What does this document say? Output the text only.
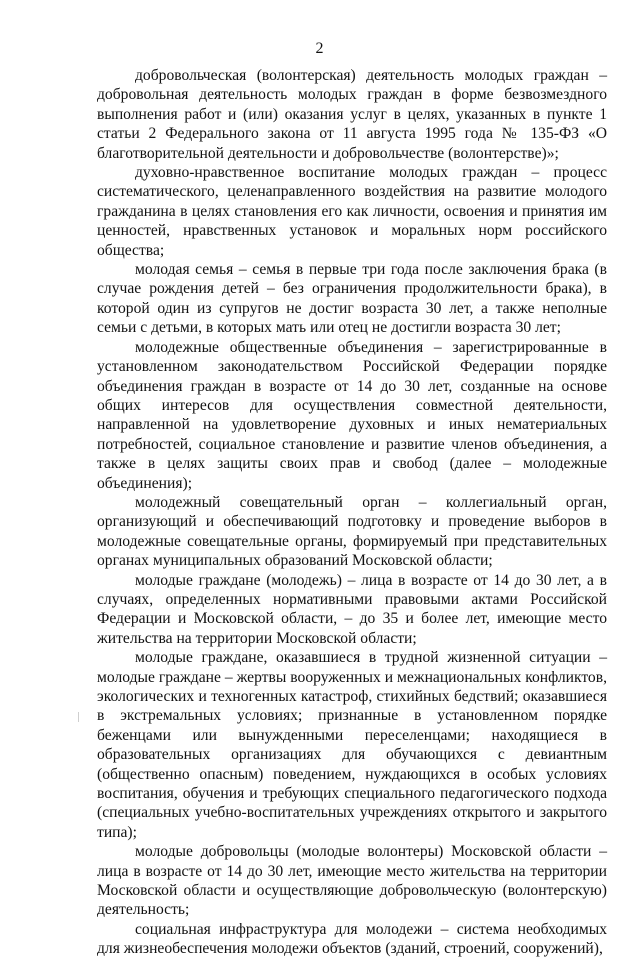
2

добровольческая (волонтерская) деятельность молодых граждан – добровольная деятельность молодых граждан в форме безвозмездного выполнения работ и (или) оказания услуг в целях, указанных в пункте 1 статьи 2 Федерального закона от 11 августа 1995 года № 135-ФЗ «О благотворительной деятельности и добровольчестве (волонтерстве)»;

духовно-нравственное воспитание молодых граждан – процесс систематического, целенаправленного воздействия на развитие молодого гражданина в целях становления его как личности, освоения и принятия им ценностей, нравственных установок и моральных норм российского общества;

молодая семья – семья в первые три года после заключения брака (в случае рождения детей – без ограничения продолжительности брака), в которой один из супругов не достиг возраста 30 лет, а также неполные семьи с детьми, в которых мать или отец не достигли возраста 30 лет;

молодежные общественные объединения – зарегистрированные в установленном законодательством Российской Федерации порядке объединения граждан в возрасте от 14 до 30 лет, созданные на основе общих интересов для осуществления совместной деятельности, направленной на удовлетворение духовных и иных нематериальных потребностей, социальное становление и развитие членов объединения, а также в целях защиты своих прав и свобод (далее – молодежные объединения);

молодежный совещательный орган – коллегиальный орган, организующий и обеспечивающий подготовку и проведение выборов в молодежные совещательные органы, формируемый при представительных органах муниципальных образований Московской области;

молодые граждане (молодежь) – лица в возрасте от 14 до 30 лет, а в случаях, определенных нормативными правовыми актами Российской Федерации и Московской области, – до 35 и более лет, имеющие место жительства на территории Московской области;

молодые граждане, оказавшиеся в трудной жизненной ситуации – молодые граждане – жертвы вооруженных и межнациональных конфликтов, экологических и техногенных катастроф, стихийных бедствий; оказавшиеся в экстремальных условиях; признанные в установленном порядке беженцами или вынужденными переселенцами; находящиеся в образовательных организациях для обучающихся с девиантным (общественно опасным) поведением, нуждающихся в особых условиях воспитания, обучения и требующих специального педагогического подхода (специальных учебно-воспитательных учреждениях открытого и закрытого типа);

молодые добровольцы (молодые волонтеры) Московской области – лица в возрасте от 14 до 30 лет, имеющие место жительства на территории Московской области и осуществляющие добровольческую (волонтерскую) деятельность;

социальная инфраструктура для молодежи – система необходимых для жизнеобеспечения молодежи объектов (зданий, строений, сооружений),
